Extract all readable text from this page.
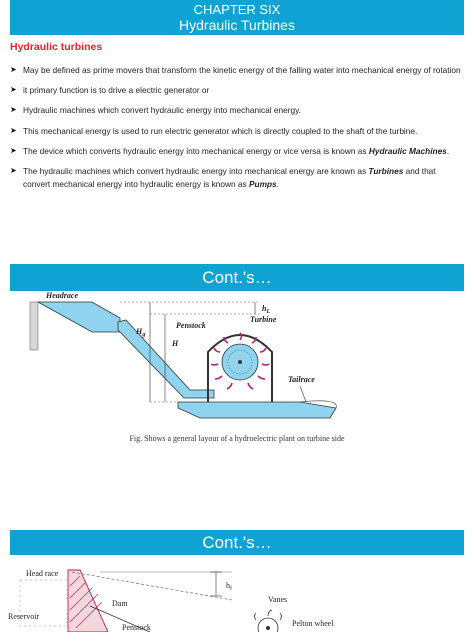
CHAPTER SIX
Hydraulic Turbines
Hydraulic turbines
➤ May be defined as prime movers that transform the kinetic energy of the falling water into mechanical energy of rotation
➤ it primary function is to drive a electric generator or
➤ Hydraulic machines which convert hydraulic energy into mechanical energy.
➤ This mechanical energy is used to run electric generator which is directly coupled to the shaft of the turbine.
➤ The device which converts hydraulic energy into mechanical energy or vice versa is known as Hydraulic Machines.
➤ The hydraulic machines which convert hydraulic energy into mechanical energy are known as Turbines and that convert mechanical energy into hydraulic energy is known as Pumps.
Cont.'s…
Headrace
$h_L$
Turbine
Penstock
$H_g$
H
Tailrace
Fig. Shows a general layout of a hydroelectric plant on turbine side
Cont.'s…
Head race
$h_f$
Dam	Vanes
Reservoir
Penstock	Pelton wheel
